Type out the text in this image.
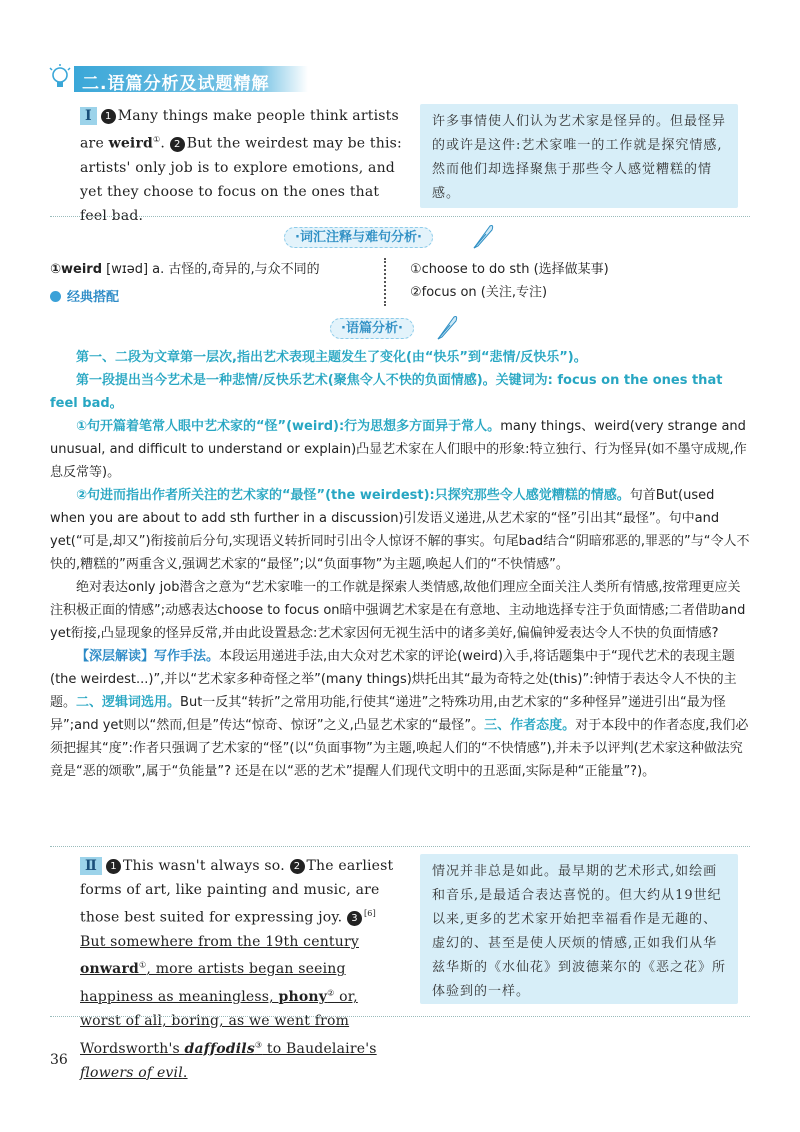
二.语篇分析及试题精解
Ⅰ 1 Many things make people think artists are weird①. 2 But the weirdest may be this: artists' only job is to explore emotions, and yet they choose to focus on the ones that feel bad.
许多事情使人们认为艺术家是怪异的。但最怪异的或许是这件:艺术家唯一的工作就是探究情感,然而他们却选择聚焦于那些令人感觉糟糕的情感。
·词汇注释与难句分析·
①weird [wɪəd] a. 古怪的,奇异的,与众不同的	①choose to do sth (选择做某事)
②focus on (关注,专注)
经典搭配
·语篇分析·
第一、二段为文章第一层次,指出艺术表现主题发生了变化(由“快乐”到“悲情/反快乐”)。
第一段提出当今艺术是一种悲情/反快乐艺术(聚焦令人不快的负面情感)。关键词为: focus on the ones that feel bad。
①句开篇着笔常人眼中艺术家的“怪”(weird):行为思想多方面异于常人。many things、weird(very strange and unusual, and difficult to understand or explain)凸显艺术家在人们眼中的形象:特立独行、行为怪异(如不墨守成规,作息反常等)。
②句进而指出作者所关注的艺术家的“最怪”(the weirdest):只探究那些令人感觉糟糕的情感。句首But(used when you are about to add sth further in a discussion)引发语义递进,从艺术家的“怪”引出其“最怪”。句中and yet(“可是,却又”)衔接前后分句,实现语义转折同时引出令人惊讶不解的事实。句尾bad结合“阴暗邪恶的,罪恶的”与“令人不快的,糟糕的”两重含义,强调艺术家的“最怪”;以“负面事物”为主题,唤起人们的“不快情感”。
绝对表达only job潜含之意为“艺术家唯一的工作就是探索人类情感,故他们理应全面关注人类所有情感,按常理更应关注积极正面的情感”;动感表达choose to focus on暗中强调艺术家是在有意地、主动地选择专注于负面情感;二者借助and yet衔接,凸显现象的怪异反常,并由此设置悬念:艺术家因何无视生活中的诸多美好,偏偏钟爱表达令人不快的负面情感?
【深层解读】写作手法。本段运用递进手法,由大众对艺术家的评论(weird)入手,将话题集中于“现代艺术的表现主题(the weirdest...)”,并以“艺术家多种奇怪之举”(many things)烘托出其“最为奇特之处(this)”:钟情于表达令人不快的主题。二、逻辑词选用。But一反其“转折”之常用功能,行使其“递进”之特殊功用,由艺术家的“多种怪异”递进引出“最为怪异”;and yet则以“然而,但是”传达“惊奇、惊讶”之义,凸显艺术家的“最怪”。三、作者态度。对于本段中的作者态度,我们必须把握其“度”:作者只强调了艺术家的“怪”(以“负面事物”为主题,唤起人们的“不快情感”),并未予以评判(艺术家这种做法究竟是“恶的颂歌”,属于“负能量”? 还是在以“恶的艺术”提醒人们现代文明中的丑恶面,实际是种“正能量”?)。
Ⅱ 1 This wasn't always so. 2 The earliest forms of art, like painting and music, are those best suited for expressing joy. 3 [6] But somewhere from the 19th century onward①, more artists began seeing happiness as meaningless, phony② or, worst of all, boring, as we went from Wordsworth's daffodils③ to Baudelaire's flowers of evil.
情况并非总是如此。最早期的艺术形式,如绘画和音乐,是最适合表达喜悦的。但大约从19世纪以来,更多的艺术家开始把幸福看作是无趣的、虚幻的、甚至是使人厌烦的情感,正如我们从华兹华斯的《水仙花》到波德莱尔的《恶之花》所体验到的一样。
36
